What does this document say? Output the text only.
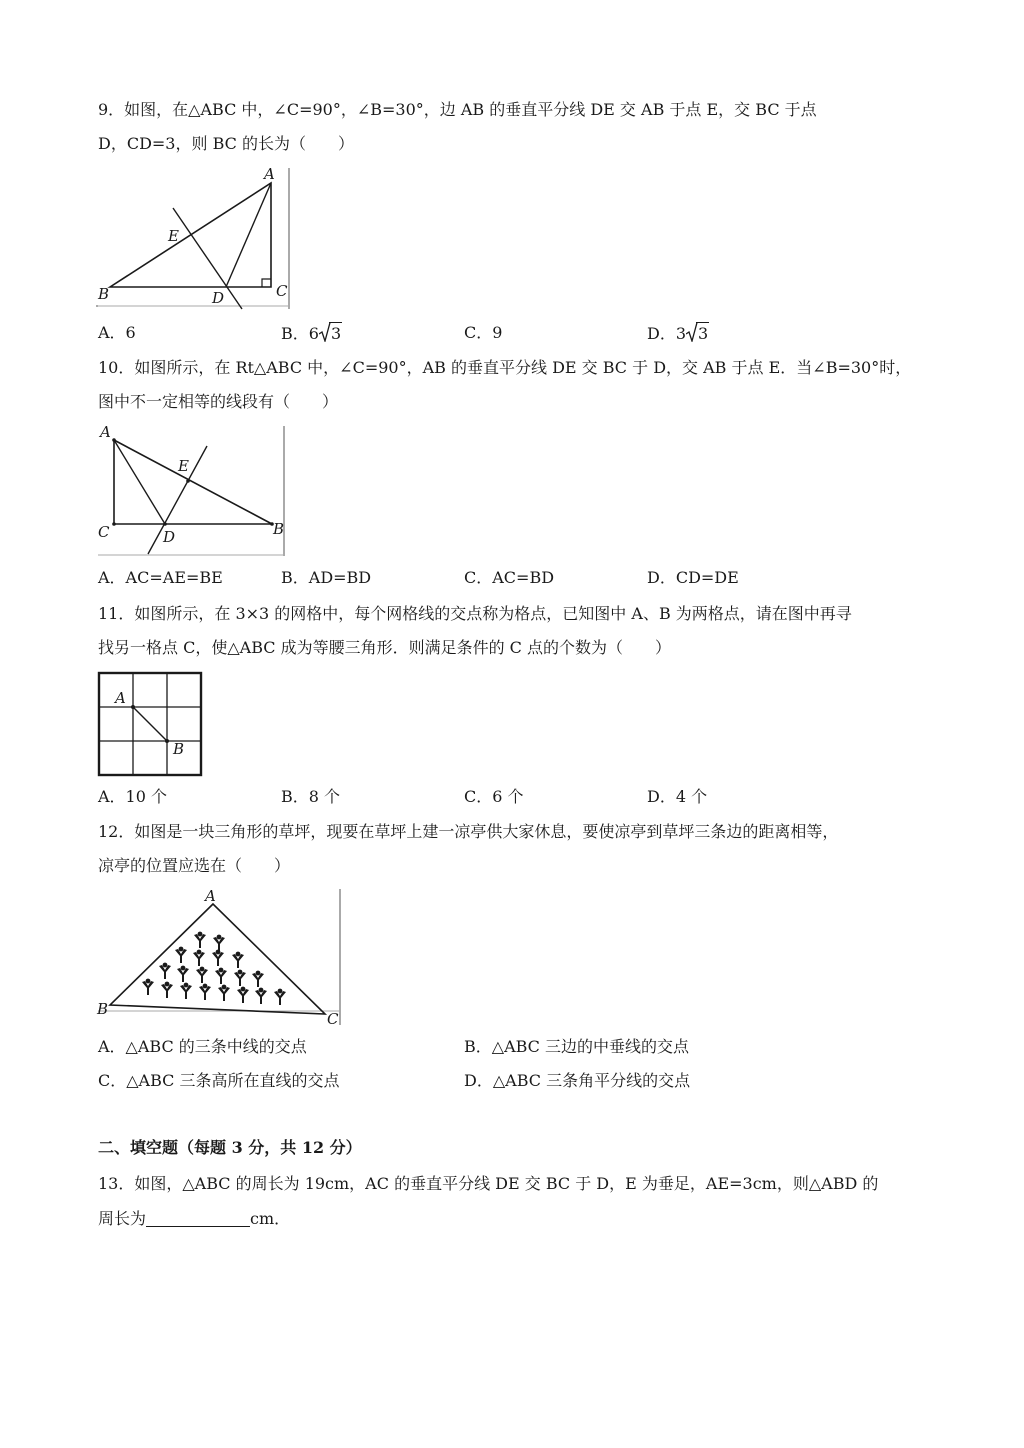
9．如图，在△ABC 中，∠C=90°，∠B=30°，边 AB 的垂直平分线 DE 交 AB 于点 E，交 BC 于点
D，CD=3，则 BC 的长为（　　）
A
E
B	D	C
A．6	B．6 3	C．9	D．3 3
10．如图所示，在 Rt△ABC 中，∠C=90°，AB 的垂直平分线 DE 交 BC 于 D，交 AB 于点 E．当∠B=30°时，
图中不一定相等的线段有（　　）
A
E
C	D	B
A．AC=AE=BE	B．AD=BD	C．AC=BD	D．CD=DE
11．如图所示，在 3×3 的网格中，每个网格线的交点称为格点，已知图中 A、B 为两格点，请在图中再寻
找另一格点 C，使△ABC 成为等腰三角形．则满足条件的 C 点的个数为（　　）
A
B
A．10 个	B．8 个	C．6 个	D．4 个
12．如图是一块三角形的草坪，现要在草坪上建一凉亭供大家休息，要使凉亭到草坪三条边的距离相等，
凉亭的位置应选在（　　）
A
B
C
A．△ABC 的三条中线的交点	B．△ABC 三边的中垂线的交点
C．△ABC 三条高所在直线的交点	D．△ABC 三条角平分线的交点
二、填空题（每题 3 分，共 12 分）
13．如图，△ABC 的周长为 19cm，AC 的垂直平分线 DE 交 BC 于 D，E 为垂足，AE=3cm，则△ABD 的
周长为	cm．
